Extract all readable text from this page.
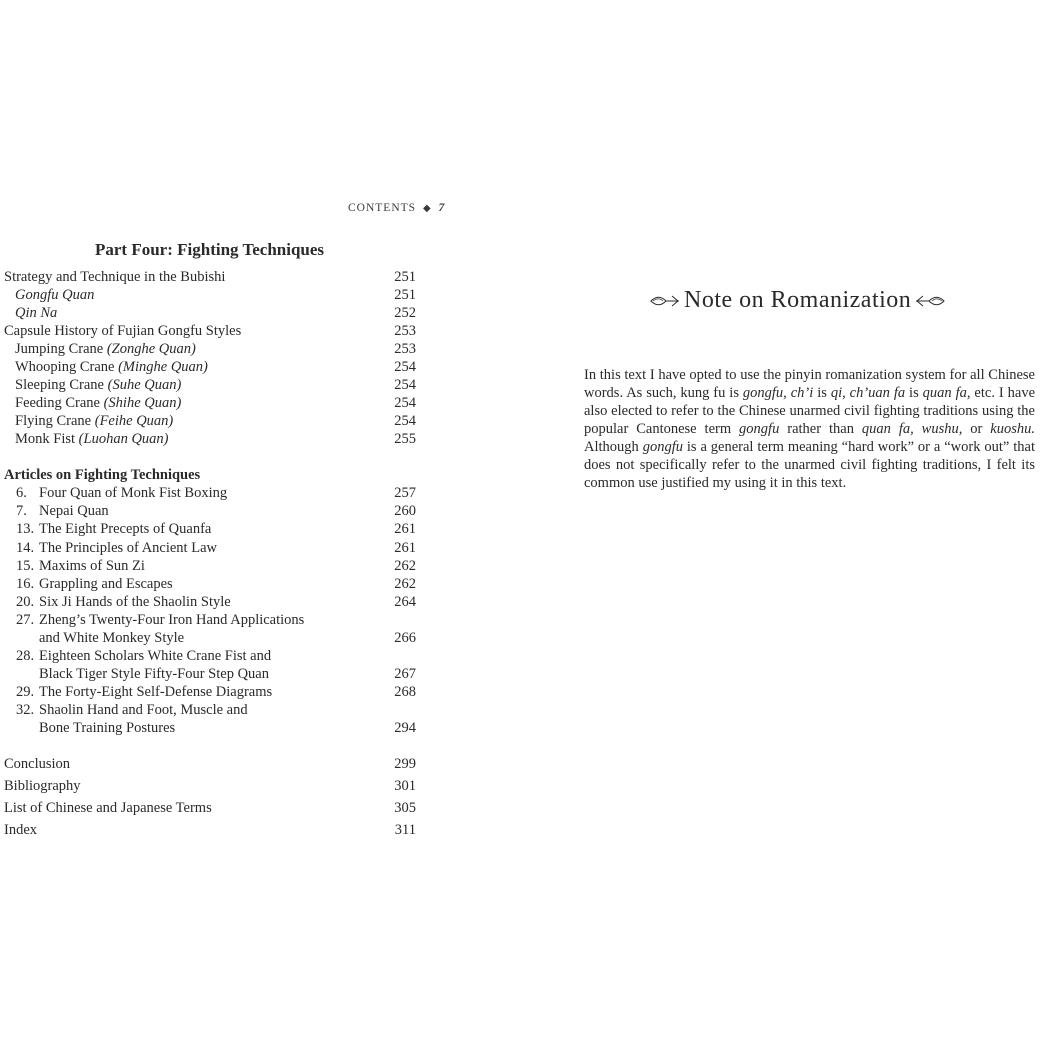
CONTENTS ◆ 7
Part Four: Fighting Techniques
Strategy and Technique in the Bubishi	251
Gongfu Quan	251
Qin Na	252
Capsule History of Fujian Gongfu Styles	253
Jumping Crane (Zonghe Quan)	253
Whooping Crane (Minghe Quan)	254
Sleeping Crane (Suhe Quan)	254
Feeding Crane (Shihe Quan)	254
Flying Crane (Feihe Quan)	254
Monk Fist (Luohan Quan)	255
Articles on Fighting Techniques
6. Four Quan of Monk Fist Boxing	257
7. Nepai Quan	260
13. The Eight Precepts of Quanfa	261
14. The Principles of Ancient Law	261
15. Maxims of Sun Zi	262
16. Grappling and Escapes	262
20. Six Ji Hands of the Shaolin Style	264
27. Zheng’s Twenty-Four Iron Hand Applications
and White Monkey Style	266
28. Eighteen Scholars White Crane Fist and
Black Tiger Style Fifty-Four Step Quan	267
29. The Forty-Eight Self-Defense Diagrams	268
32. Shaolin Hand and Foot, Muscle and
Bone Training Postures	294
Conclusion	299
Bibliography	301
List of Chinese and Japanese Terms	305
Index	311
Note on Romanization

In this text I have opted to use the pinyin romanization system for all Chinese words. As such, kung fu is gongfu, ch’i is qi, ch’uan fa is quan fa, etc. I have also elected to refer to the Chinese unarmed civil fighting traditions using the popular Cantonese term gongfu rather than quan fa, wushu, or kuoshu. Although gongfu is a general term meaning “hard work” or a “work out” that does not specifically refer to the unarmed civil fighting traditions, I felt its common use justified my using it in this text.
